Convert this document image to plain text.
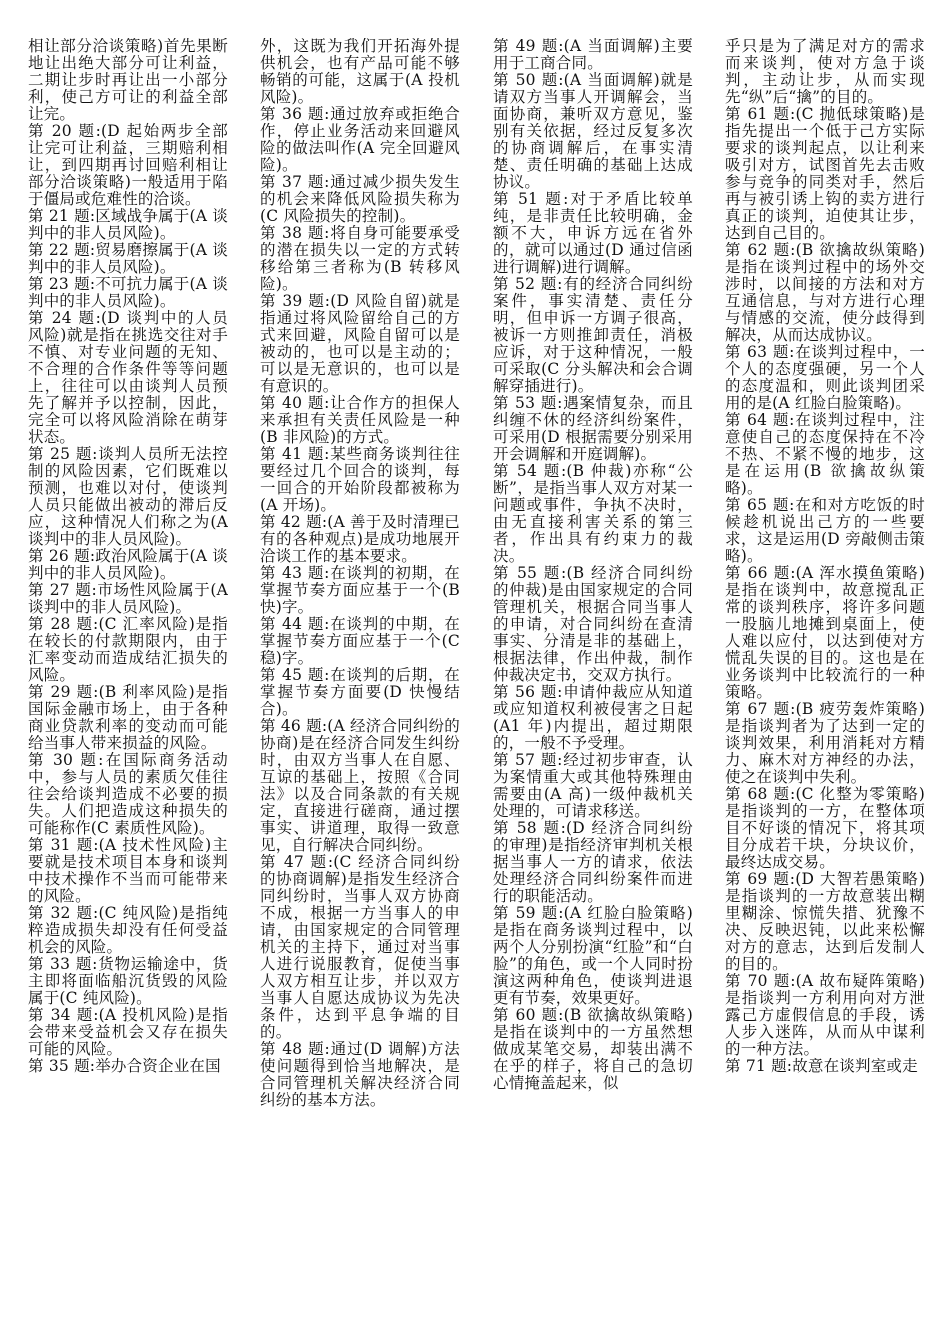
相让部分洽谈策略)首先果断地让出绝大部分可让利益，二期让步时再让出一小部分利，使己方可让的利益全部让完。

第 20 题:(D 起始两步全部让完可让利益，三期赔利相让，到四期再讨回赔利相让部分洽谈策略)一般适用于陷于僵局或危难性的洽谈。

第 21 题:区域战争属于(A 谈判中的非人员风险)。

第 22 题:贸易磨擦属于(A 谈判中的非人员风险)。

第 23 题:不可抗力属于(A 谈判中的非人员风险)。

第 24 题:(D 谈判中的人员风险)就是指在挑选交往对手不慎、对专业问题的无知、不合理的合作条件等等问题上，往往可以由谈判人员预先了解并予以控制，因此，完全可以将风险消除在萌芽状态。

第 25 题:谈判人员所无法控制的风险因素，它们既难以预测，也难以对付，使谈判人员只能做出被动的滞后反应，这种情况人们称之为(A 谈判中的非人员风险)。

第 26 题:政治风险属于(A 谈判中的非人员风险)。

第 27 题:市场性风险属于(A 谈判中的非人员风险)。

第 28 题:(C 汇率风险)是指在较长的付款期限内，由于汇率变动而造成结汇损失的风险。

第 29 题:(B 利率风险)是指国际金融市场上，由于各种商业贷款利率的变动而可能给当事人带来损益的风险。

第 30 题:在国际商务活动中，参与人员的素质欠佳往往会给谈判造成不必要的损失。人们把造成这种损失的可能称作(C 素质性风险)。

第 31 题:(A 技术性风险)主要就是技术项目本身和谈判中技术操作不当而可能带来的风险。

第 32 题:(C 纯风险)是指纯粹造成损失却没有任何受益机会的风险。

第 33 题:货物运输途中，货主即将面临船沉货毁的风险属于(C 纯风险)。

第 34 题:(A 投机风险)是指会带来受益机会又存在损失可能的风险。

第 35 题:举办合资企业在国

外，这既为我们开拓海外提供机会，也有产品可能不够畅销的可能，这属于(A 投机风险)。

第 36 题:通过放弃或拒绝合作，停止业务活动来回避风险的做法叫作(A 完全回避风险)。

第 37 题:通过减少损失发生的机会来降低风险损失称为(C 风险损失的控制)。

第 38 题:将自身可能要承受的潜在损失以一定的方式转移给第三者称为(B 转移风险)。

第 39 题:(D 风险自留)就是指通过将风险留给自己的方式来回避，风险自留可以是被动的，也可以是主动的；可以是无意识的，也可以是有意识的。

第 40 题:让合作方的担保人来承担有关责任风险是一种(B 非风险)的方式。

第 41 题:某些商务谈判往往要经过几个回合的谈判，每一回合的开始阶段都被称为(A 开场)。

第 42 题:(A 善于及时清理已有的各种观点)是成功地展开洽谈工作的基本要求。

第 43 题:在谈判的初期，在掌握节奏方面应基于一个(B 快)字。

第 44 题:在谈判的中期，在掌握节奏方面应基于一个(C 稳)字。

第 45 题:在谈判的后期，在掌握节奏方面要(D 快慢结合)。

第 46 题:(A 经济合同纠纷的协商)是在经济合同发生纠纷时，由双方当事人在自愿、互谅的基础上，按照《合同法》以及合同条款的有关规定，直接进行磋商，通过摆事实、讲道理，取得一致意见，自行解决合同纠纷。

第 47 题:(C 经济合同纠纷的协商调解)是指发生经济合同纠纷时，当事人双方协商不成，根据一方当事人的申请，由国家规定的合同管理机关的主持下，通过对当事人进行说服教育，促使当事人双方相互让步，并以双方当事人自愿达成协议为先决条件，达到平息争端的目的。

第 48 题:通过(D 调解)方法使问题得到恰当地解决，是合同管理机关解决经济合同纠纷的基本方法。

第 49 题:(A 当面调解)主要用于工商合同。

第 50 题:(A 当面调解)就是请双方当事人开调解会，当面协商，兼听双方意见，鉴别有关依据，经过反复多次的协商调解后，在事实清楚、责任明确的基础上达成协议。

第 51 题:对于矛盾比较单纯，是非责任比较明确，金额不大，申诉方远在省外的，就可以通过(D 通过信函进行调解)进行调解。

第 52 题:有的经济合同纠纷案件，事实清楚、责任分明，但申诉一方调子很高，被诉一方则推卸责任，消极应诉，对于这种情况，一般可采取(C 分头解决和会合调解穿插进行)。

第 53 题:遇案情复杂，而且纠缠不休的经济纠纷案件，可采用(D 根据需要分别采用开会调解和开庭调解)。

第 54 题:(B 仲裁)亦称“公断”，是指当事人双方对某一问题或事件，争执不决时，由无直接利害关系的第三者，作出具有约束力的裁决。

第 55 题:(B 经济合同纠纷的仲裁)是由国家规定的合同管理机关，根据合同当事人的申请，对合同纠纷在查清事实、分清是非的基础上，根据法律，作出仲裁，制作仲裁决定书，交双方执行。

第 56 题:申请仲裁应从知道或应知道权利被侵害之日起(A1 年)内提出，超过期限的，一般不予受理。

第 57 题:经过初步审查，认为案情重大或其他特殊理由需要由(A 高)一级仲裁机关处理的，可请求移送。

第 58 题:(D 经济合同纠纷的审理)是指经济审判机关根据当事人一方的请求，依法处理经济合同纠纷案件而进行的职能活动。

第 59 题:(A 红脸白脸策略)是指在商务谈判过程中，以两个人分别扮演“红脸”和“白脸”的角色，或一个人同时扮演这两种角色，使谈判进退更有节奏，效果更好。

第 60 题:(B 欲擒故纵策略)是指在谈判中的一方虽然想做成某笔交易，却装出满不在乎的样子，将自己的急切心情掩盖起来，似

乎只是为了满足对方的需求而来谈判，使对方急于谈判，主动让步，从而实现先“纵”后“擒”的目的。

第 61 题:(C 抛低球策略)是指先提出一个低于己方实际要求的谈判起点，以让利来吸引对方，试图首先去击败参与竞争的同类对手，然后再与被引诱上钩的卖方进行真正的谈判，迫使其让步，达到自己目的。

第 62 题:(B 欲擒故纵策略)是指在谈判过程中的场外交涉时，以间接的方法和对方互通信息，与对方进行心理与情感的交流，使分歧得到解决，从而达成协议。

第 63 题:在谈判过程中，一个人的态度强硬，另一个人的态度温和，则此谈判团采用的是(A 红脸白脸策略)。

第 64 题:在谈判过程中，注意使自己的态度保持在不冷不热、不紧不慢的地步，这是在运用(B 欲擒故纵策略)。

第 65 题:在和对方吃饭的时候趁机说出己方的一些要求，这是运用(D 旁敲侧击策略)。

第 66 题:(A 浑水摸鱼策略)是指在谈判中，故意搅乱正常的谈判秩序，将许多问题一股脑儿地摊到桌面上，使人难以应付，以达到使对方慌乱失误的目的。这也是在业务谈判中比较流行的一种策略。

第 67 题:(B 疲劳轰炸策略)是指谈判者为了达到一定的谈判效果，利用消耗对方精力、麻木对方神经的办法，使之在谈判中失利。

第 68 题:(C 化整为零策略)是指谈判的一方，在整体项目不好谈的情况下，将其项目分成若干块，分块议价，最终达成交易。

第 69 题:(D 大智若愚策略)是指谈判的一方故意装出糊里糊涂、惊慌失措、犹豫不决、反映迟钝，以此来松懈对方的意志，达到后发制人的目的。

第 70 题:(A 故布疑阵策略)是指谈判一方利用向对方泄露己方虚假信息的手段，诱人步入迷阵，从而从中谋利的一种方法。

第 71 题:故意在谈判室或走
